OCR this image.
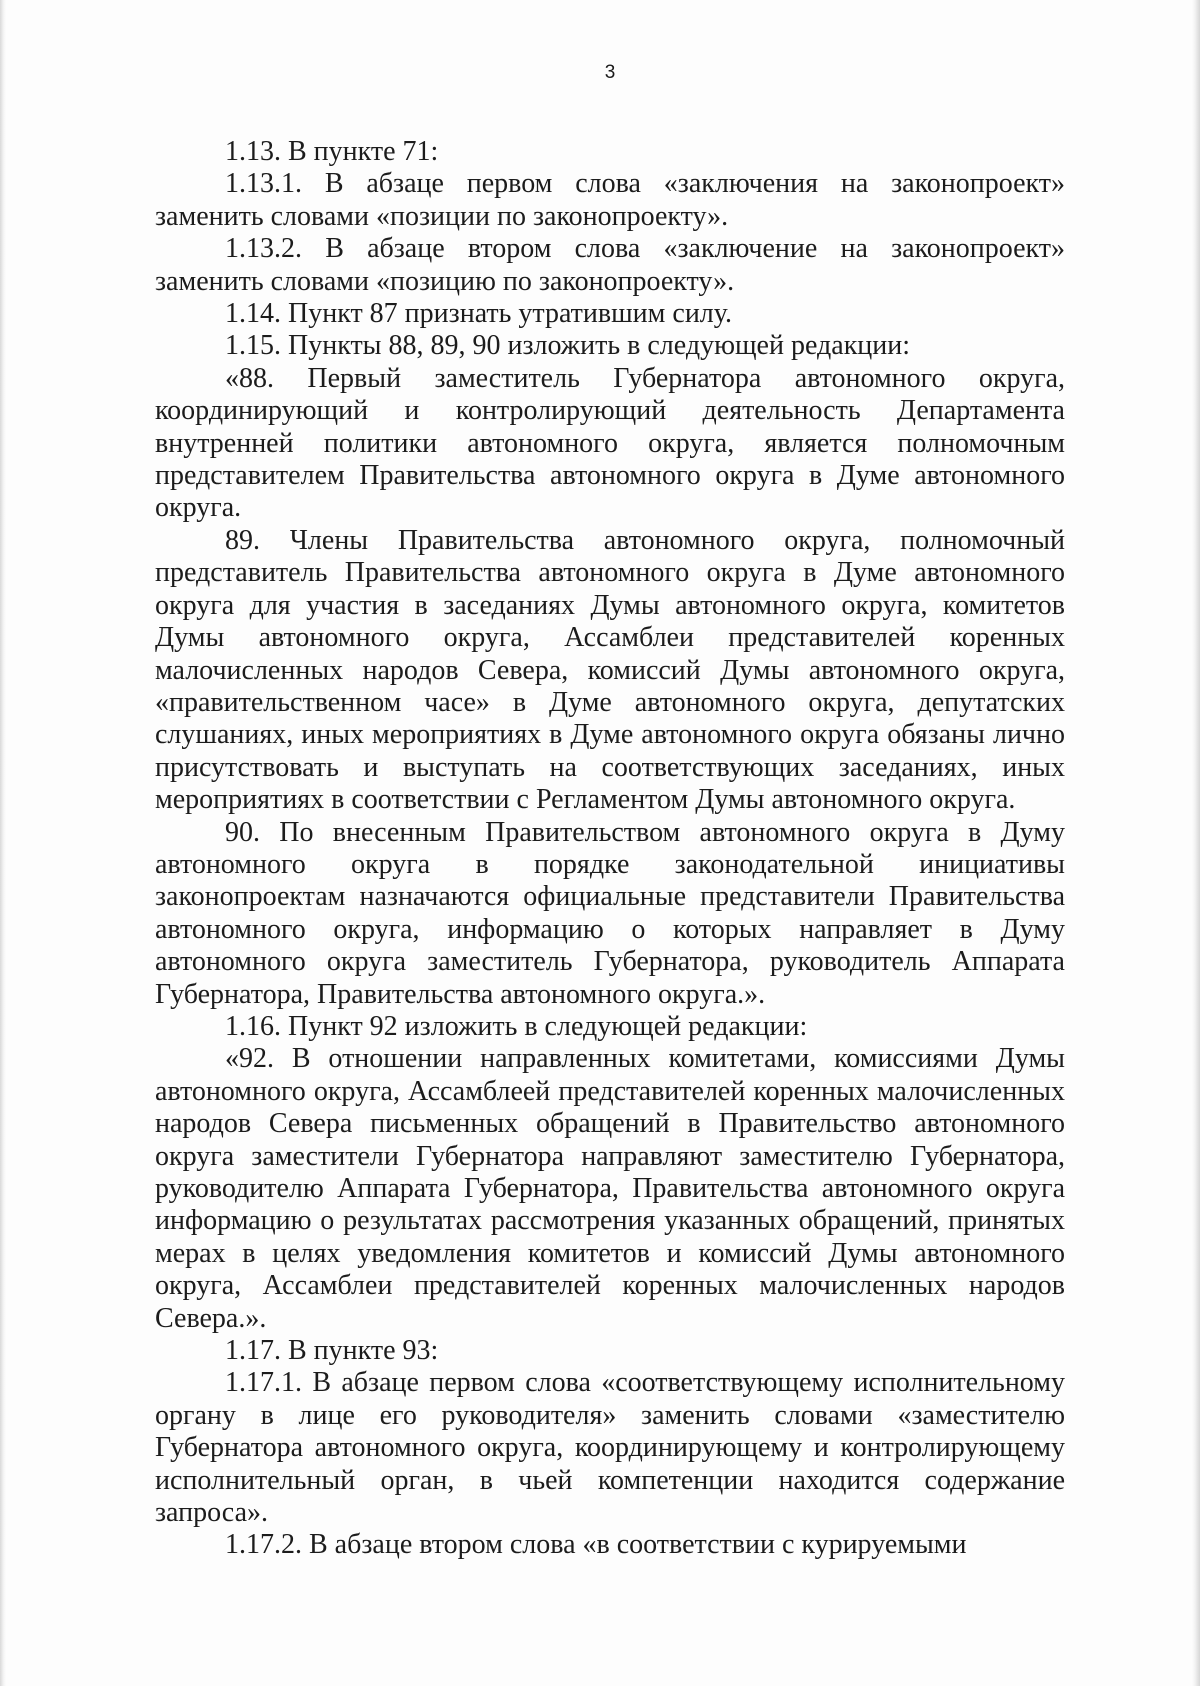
3

1.13. В пункте 71:

1.13.1. В абзаце первом слова «заключения на законопроект» заменить словами «позиции по законопроекту».

1.13.2. В абзаце втором слова «заключение на законопроект» заменить словами «позицию по законопроекту».

1.14. Пункт 87 признать утратившим силу.

1.15. Пункты 88, 89, 90 изложить в следующей редакции:

«88. Первый заместитель Губернатора автономного округа, координирующий и контролирующий деятельность Департамента внутренней политики автономного округа, является полномочным представителем Правительства автономного округа в Думе автономного округа.

89. Члены Правительства автономного округа, полномочный представитель Правительства автономного округа в Думе автономного округа для участия в заседаниях Думы автономного округа, комитетов Думы автономного округа, Ассамблеи представителей коренных малочисленных народов Севера, комиссий Думы автономного округа, «правительственном часе» в Думе автономного округа, депутатских слушаниях, иных мероприятиях в Думе автономного округа обязаны лично присутствовать и выступать на соответствующих заседаниях, иных мероприятиях в соответствии с Регламентом Думы автономного округа.

90. По внесенным Правительством автономного округа в Думу автономного округа в порядке законодательной инициативы законопроектам назначаются официальные представители Правительства автономного округа, информацию о которых направляет в Думу автономного округа заместитель Губернатора, руководитель Аппарата Губернатора, Правительства автономного округа.».

1.16. Пункт 92 изложить в следующей редакции:

«92. В отношении направленных комитетами, комиссиями Думы автономного округа, Ассамблеей представителей коренных малочисленных народов Севера письменных обращений в Правительство автономного округа заместители Губернатора направляют заместителю Губернатора, руководителю Аппарата Губернатора, Правительства автономного округа информацию о результатах рассмотрения указанных обращений, принятых мерах в целях уведомления комитетов и комиссий Думы автономного округа, Ассамблеи представителей коренных малочисленных народов Севера.».

1.17. В пункте 93:

1.17.1. В абзаце первом слова «соответствующему исполнительному органу в лице его руководителя» заменить словами «заместителю Губернатора автономного округа, координирующему и контролирующему исполнительный орган, в чьей компетенции находится содержание запроса».

1.17.2. В абзаце втором слова «в соответствии с курируемыми
